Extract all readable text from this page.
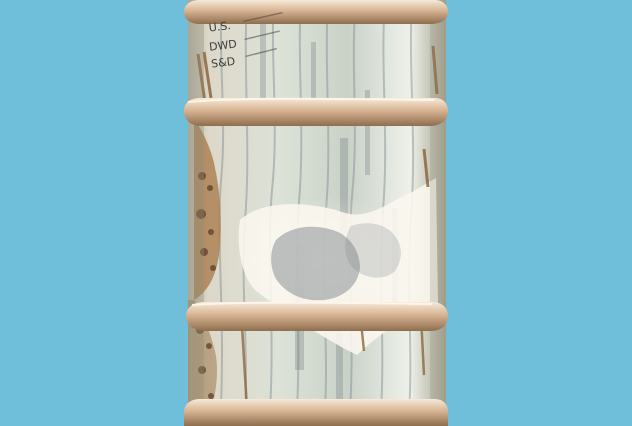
U.S.
DWD
S&D
